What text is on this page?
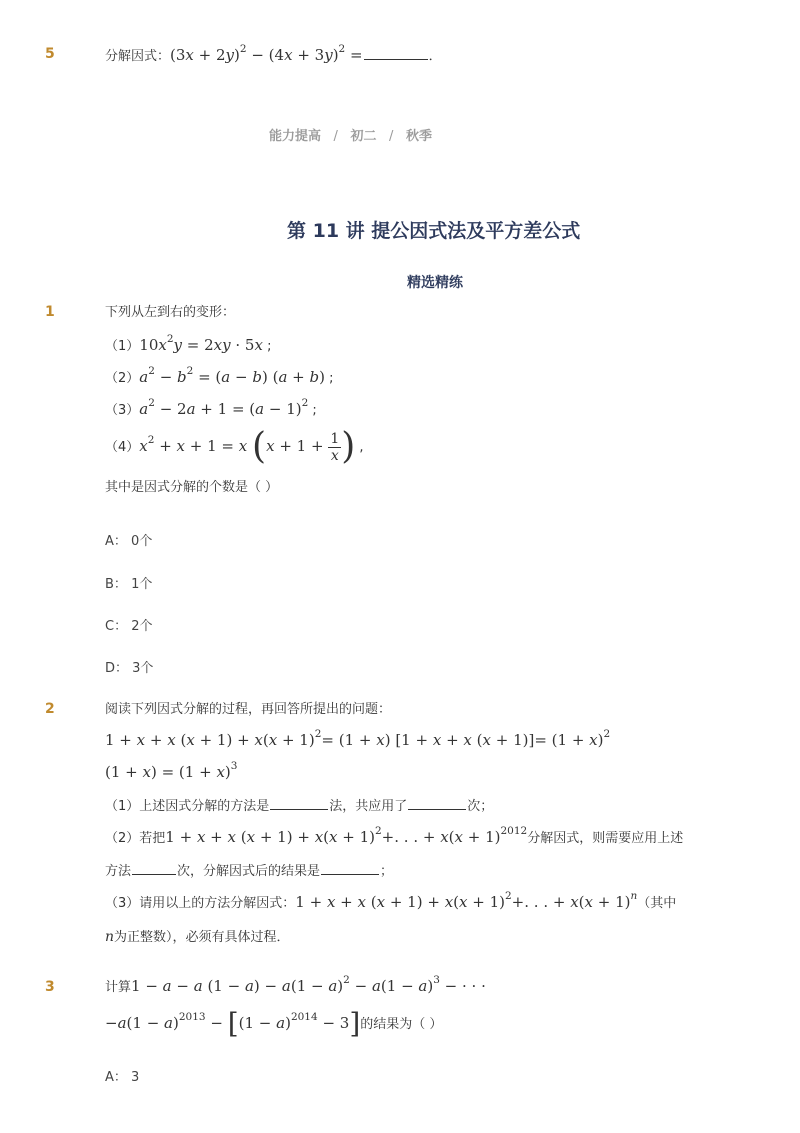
5	分解因式：$(3x + 2y)^2 - (4x + 3y)^2$ =	．
能力提高 / 初二 / 秋季
第 11 讲 提公因式法及平方差公式
精选精练
1	下列从左到右的变形：
$(1)10x^2y = 2xy \cdot 5x$ ;
$(2)a^2 - b^2 = (a - b) (a + b)$ ;
$(3)a^2 - 2a + 1 = (a - 1)^2$ ;
$(4)x^2 + x + 1 = x$ ($x + 1 + \frac{1}{x}$ ) ,
其中是因式分解的个数是（ ）
A： 0个
B： 1个
C： 2个
D： 3个
2	阅读下列因式分解的过程，再回答所提出的问题：
1 + x + x $(x + 1) + x(x + 1)^2= (1 + x)$ [1 + x + x $(x + 1)]= (1 + x)^2$
$(1 + x) = (1 + x)^3$
（1）上述因式分解的方法是	法，共应用了	次；
（2）若把1 + x + x $(x + 1) + x(x + 1)^2+$. . . + $x(x + 1)^{2012}$分解因式，则需要应用上述
方法	次，分解因式后的结果是	；
（3）请用以上的方法分解因式：1 + x + x $(x + 1) + x(x + 1)^2+$. . . + $x(x + 1)^n$（其中
n为正整数），必须有具体过程．
3	计算1 − a − a $(1 - a) - a(1 - a)^2 - a(1 - a)^3$ − · · ·
$-a(1 - a)^{2013} - [(1 - a)^{2014} - 3]$的结果为（ ）
A： 3
